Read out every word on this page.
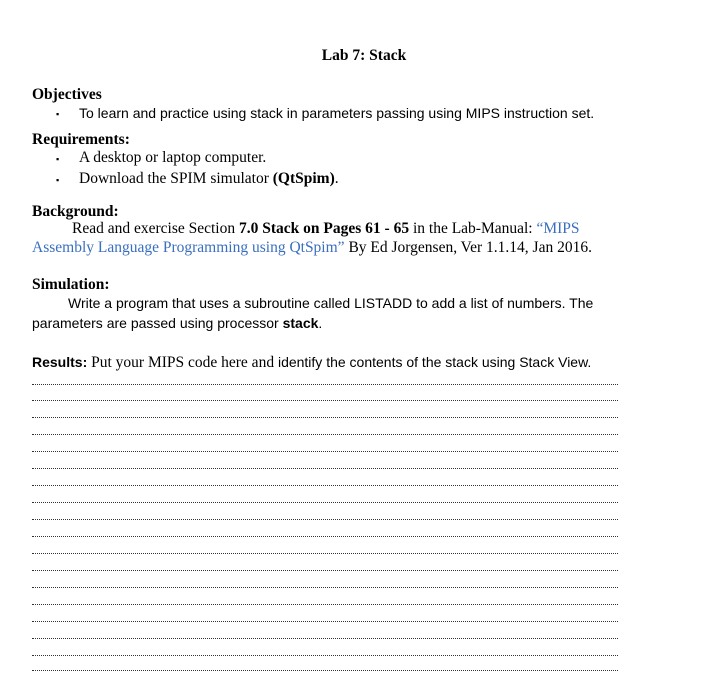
Lab 7: Stack
Objectives
▪ To learn and practice using stack in parameters passing using MIPS instruction set.
Requirements:
▪ A desktop or laptop computer.
▪ Download the SPIM simulator (QtSpim).
Background:
Read and exercise Section 7.0 Stack on Pages 61 - 65 in the Lab-Manual: “MIPS
Assembly Language Programming using QtSpim” By Ed Jorgensen, Ver 1.1.14, Jan 2016.
Simulation:
Write a program that uses a subroutine called LISTADD to add a list of numbers. The
parameters are passed using processor stack.
Results: Put your MIPS code here and identify the contents of the stack using Stack View.
